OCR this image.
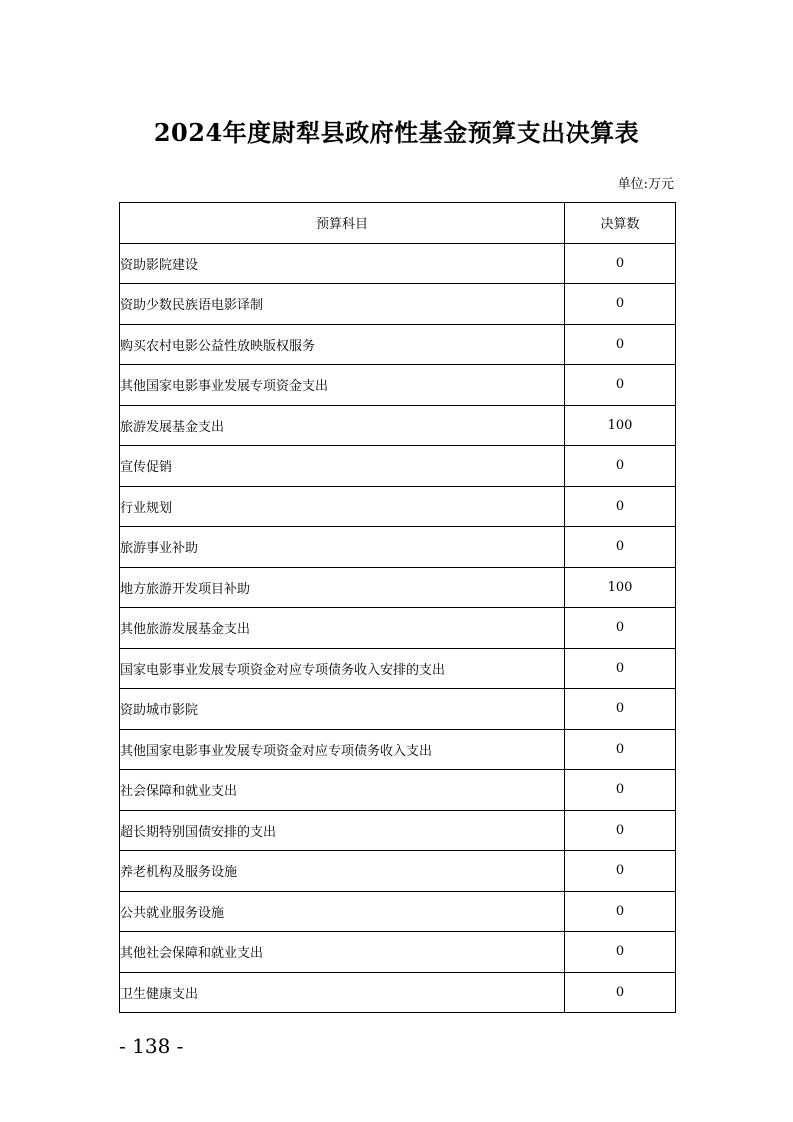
2024年度尉犁县政府性基金预算支出决算表
单位:万元
预算科目	决算数
资助影院建设	0
资助少数民族语电影译制	0
购买农村电影公益性放映版权服务	0
其他国家电影事业发展专项资金支出	0
旅游发展基金支出	100
宣传促销	0
行业规划	0
旅游事业补助	0
地方旅游开发项目补助	100
其他旅游发展基金支出	0
国家电影事业发展专项资金对应专项债务收入安排的支出	0
资助城市影院	0
其他国家电影事业发展专项资金对应专项债务收入支出	0
社会保障和就业支出	0
超长期特别国债安排的支出	0
养老机构及服务设施	0
公共就业服务设施	0
其他社会保障和就业支出	0
卫生健康支出	0
- 138 -
